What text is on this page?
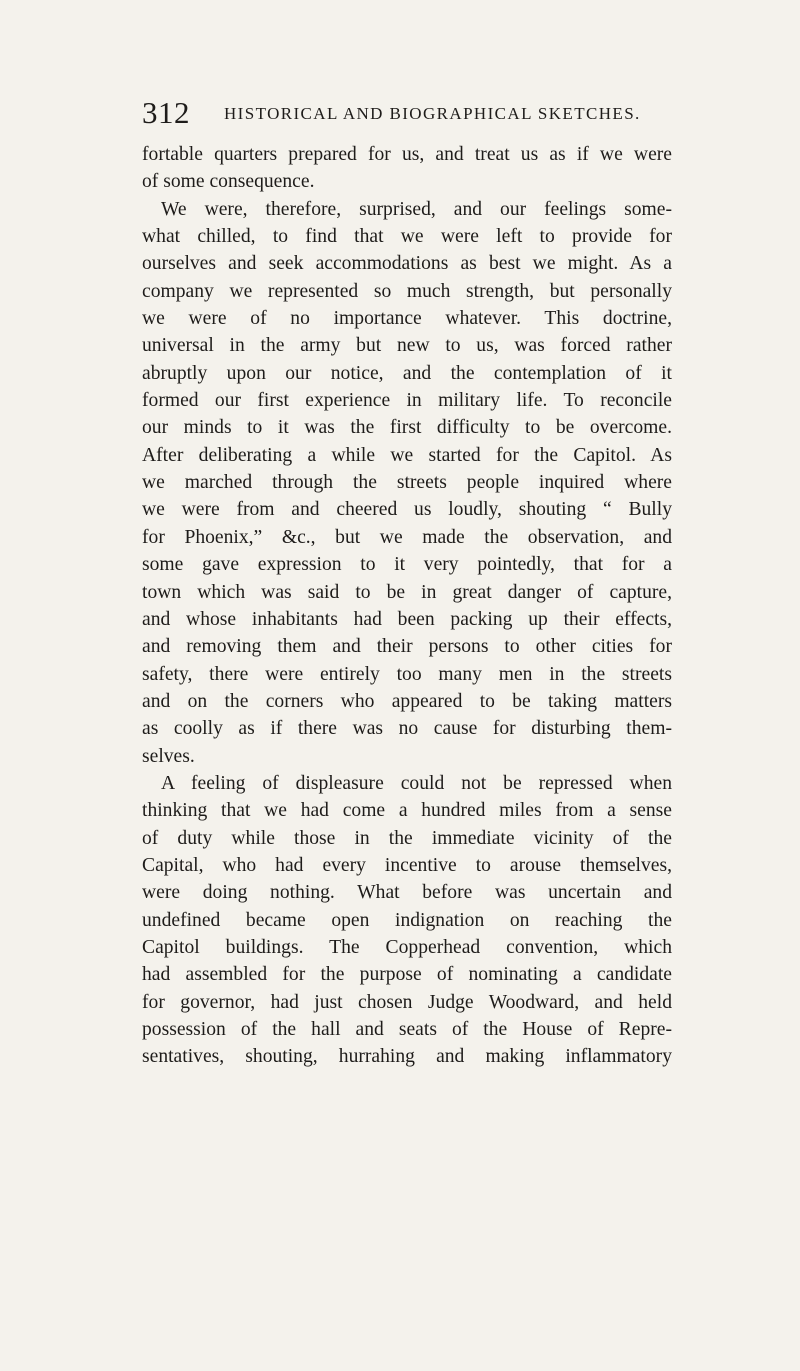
312 HISTORICAL AND BIOGRAPHICAL SKETCHES.
fortable quarters prepared for us, and treat us as if we were
of some consequence.
We were, therefore, surprised, and our feelings some-
what chilled, to find that we were left to provide for
ourselves and seek accommodations as best we might. As a
company we represented so much strength, but personally
we were of no importance whatever. This doctrine,
universal in the army but new to us, was forced rather
abruptly upon our notice, and the contemplation of it
formed our first experience in military life. To reconcile
our minds to it was the first difficulty to be overcome.
After deliberating a while we started for the Capitol. As
we marched through the streets people inquired where
we were from and cheered us loudly, shouting “ Bully
for Phoenix,” &c., but we made the observation, and
some gave expression to it very pointedly, that for a
town which was said to be in great danger of capture,
and whose inhabitants had been packing up their effects,
and removing them and their persons to other cities for
safety, there were entirely too many men in the streets
and on the corners who appeared to be taking matters
as coolly as if there was no cause for disturbing them-
selves.
A feeling of displeasure could not be repressed when
thinking that we had come a hundred miles from a sense
of duty while those in the immediate vicinity of the
Capital, who had every incentive to arouse themselves,
were doing nothing. What before was uncertain and
undefined became open indignation on reaching the
Capitol buildings. The Copperhead convention, which
had assembled for the purpose of nominating a candidate
for governor, had just chosen Judge Woodward, and held
possession of the hall and seats of the House of Repre-
sentatives, shouting, hurrahing and making inflammatory
